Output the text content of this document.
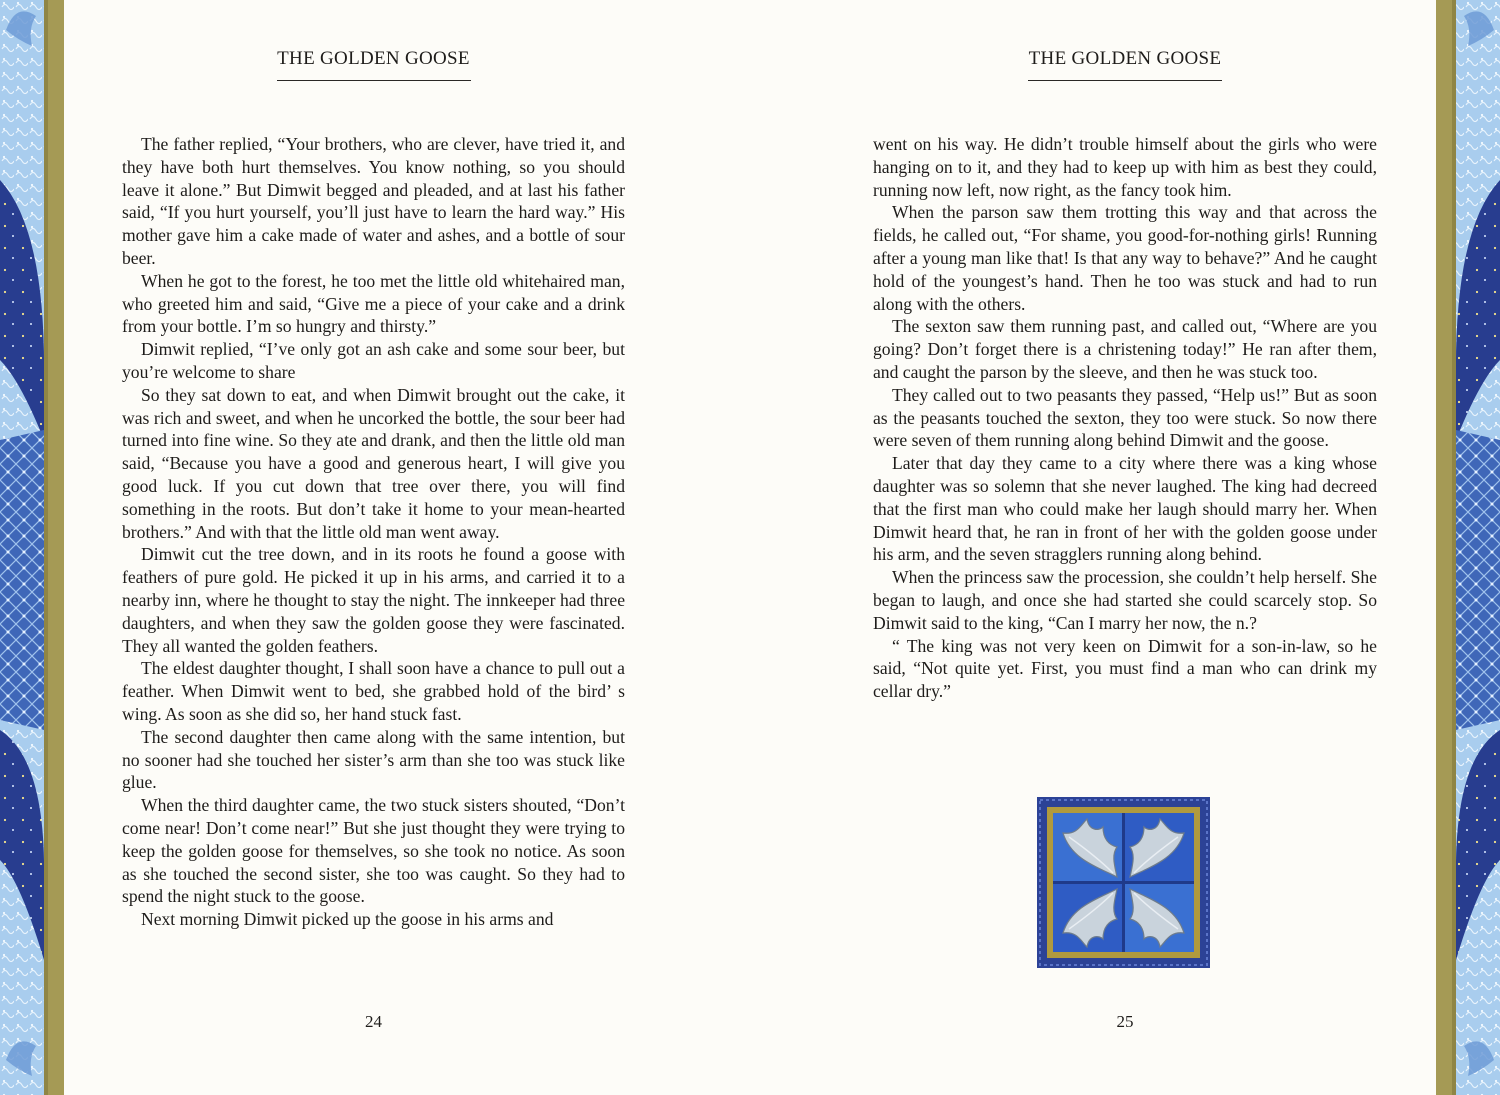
THE GOLDEN GOOSE

The father replied, “Your brothers, who are clever, have tried it, and they have both hurt themselves. You know nothing, so you should leave it alone.” But Dimwit begged and pleaded, and at last his father said, “If you hurt yourself, you’ll just have to learn the hard way.” His mother gave him a cake made of water and ashes, and a bottle of sour beer.

When he got to the forest, he too met the little old whitehaired man, who greeted him and said, “Give me a piece of your cake and a drink from your bottle. I’m so hungry and thirsty.”

Dimwit replied, “I’ve only got an ash cake and some sour beer, but you’re welcome to share

So they sat down to eat, and when Dimwit brought out the cake, it was rich and sweet, and when he uncorked the bottle, the sour beer had turned into fine wine. So they ate and drank, and then the little old man said, “Because you have a good and generous heart, I will give you good luck. If you cut down that tree over there, you will find something in the roots. But don’t take it home to your mean-hearted brothers.” And with that the little old man went away.

Dimwit cut the tree down, and in its roots he found a goose with feathers of pure gold. He picked it up in his arms, and carried it to a nearby inn, where he thought to stay the night. The innkeeper had three daughters, and when they saw the golden goose they were fascinated. They all wanted the golden feathers.

The eldest daughter thought, I shall soon have a chance to pull out a feather. When Dimwit went to bed, she grabbed hold of the bird’ s wing. As soon as she did so, her hand stuck fast.

The second daughter then came along with the same intention, but no sooner had she touched her sister’s arm than she too was stuck like glue.

When the third daughter came, the two stuck sisters shouted, “Don’t come near! Don’t come near!” But she just thought they were trying to keep the golden goose for themselves, so she took no notice. As soon as she touched the second sister, she too was caught. So they had to spend the night stuck to the goose.

Next morning Dimwit picked up the goose in his arms and

24
THE GOLDEN GOOSE

went on his way. He didn’t trouble himself about the girls who were hanging on to it, and they had to keep up with him as best they could, running now left, now right, as the fancy took him.

When the parson saw them trotting this way and that across the fields, he called out, “For shame, you good-for-nothing girls! Running after a young man like that! Is that any way to behave?” And he caught hold of the youngest’s hand. Then he too was stuck and had to run along with the others.

The sexton saw them running past, and called out, “Where are you going? Don’t forget there is a christening today!” He ran after them, and caught the parson by the sleeve, and then he was stuck too.

They called out to two peasants they passed, “Help us!” But as soon as the peasants touched the sexton, they too were stuck. So now there were seven of them running along behind Dimwit and the goose.

Later that day they came to a city where there was a king whose daughter was so solemn that she never laughed. The king had decreed that the first man who could make her laugh should marry her. When Dimwit heard that, he ran in front of her with the golden goose under his arm, and the seven stragglers running along behind.

When the princess saw the procession, she couldn’t help herself. She began to laugh, and once she had started she could scarcely stop. So Dimwit said to the king, “Can I marry her now, the n.?

“ The king was not very keen on Dimwit for a son-in-law, so he said, “Not quite yet. First, you must find a man who can drink my cellar dry.”

25
